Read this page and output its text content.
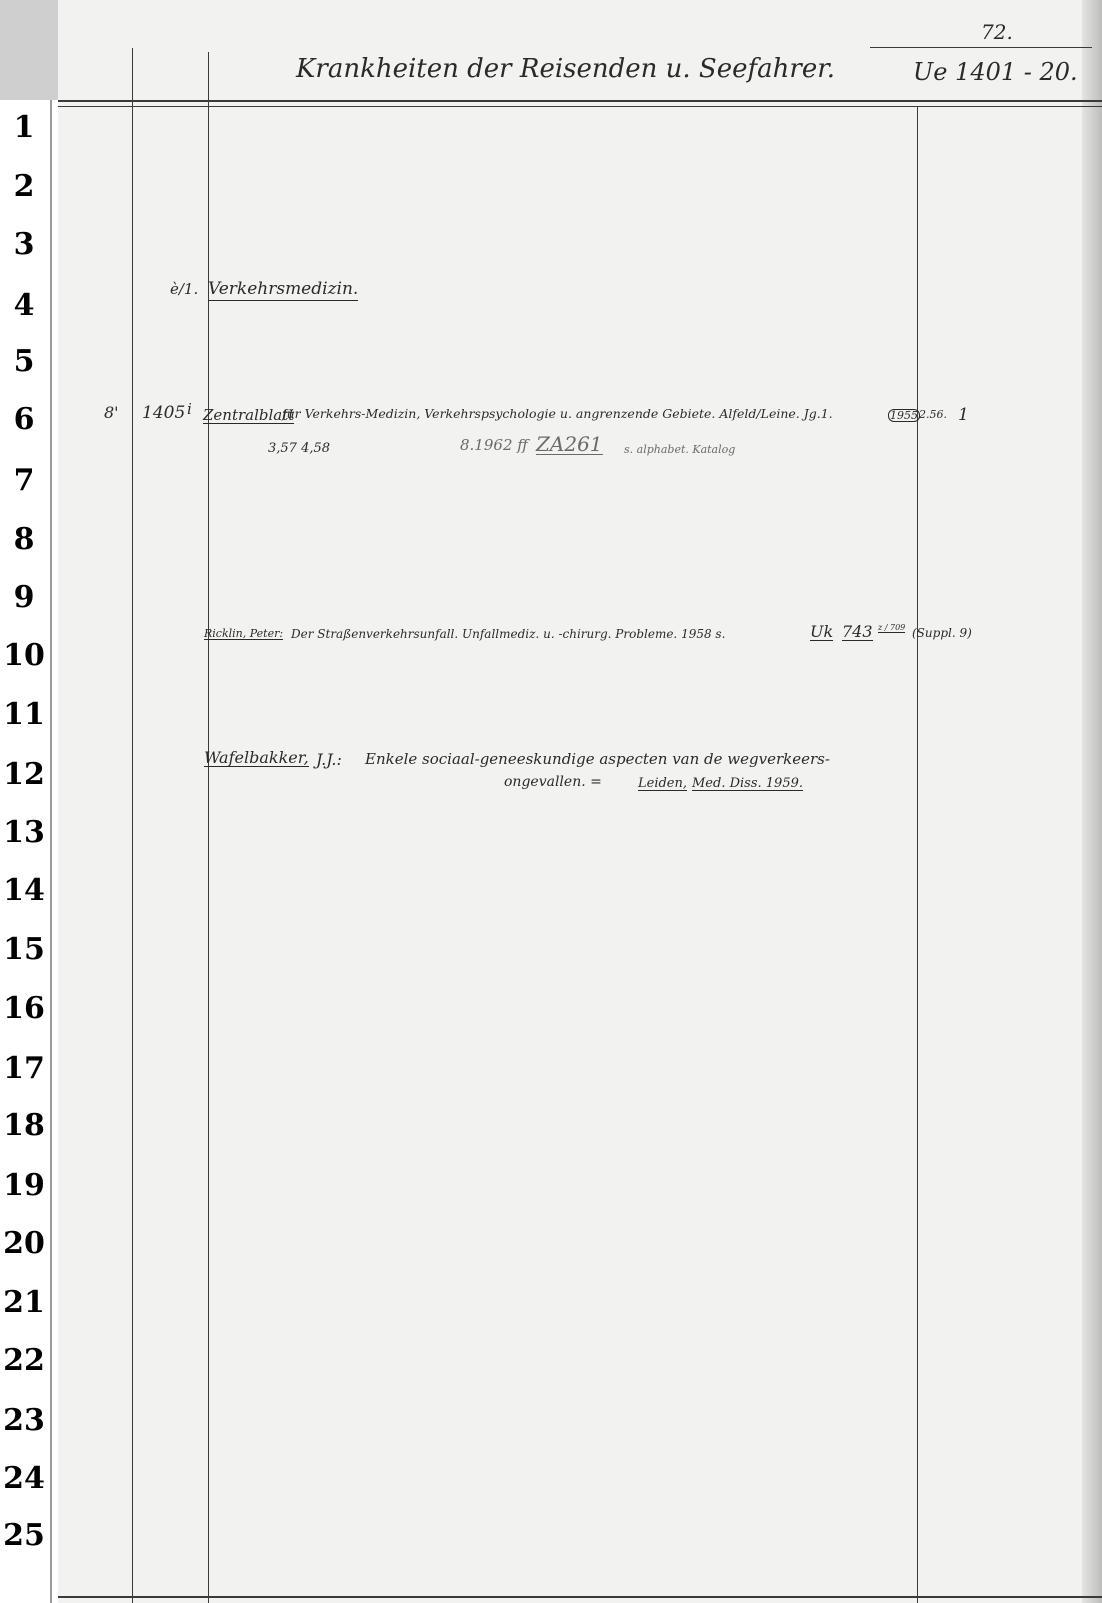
1
2
3
4
5
6
7
8
9
10
11
12
13
14
15
16
17
18
19
20
21
22
23
24
25
72.
Krankheiten der Reisenden u. Seefahrer.	Ue 1401 - 20.
è/1. Verkehrsmedizin.
8' 1405 i Zentralblatt
für Verkehrs-Medizin, Verkehrspsychologie u. angrenzende Gebiete. Alfeld/Leine. Jg.1.	1955 2.56. 1
3,57 4,58	8.1962 ff ZA261 s. alphabet. Katalog
Ricklin, Peter: Der Straßenverkehrsunfall. Unfallmediz. u. -chirurg. Probleme. 1958 s.	Uk 743 z / 709 (Suppl. 9)
Wafelbakker, J.J.: Enkele sociaal-geneeskundige aspecten van de wegverkeers-
ongevallen. =	Leiden, Med. Diss. 1959.
